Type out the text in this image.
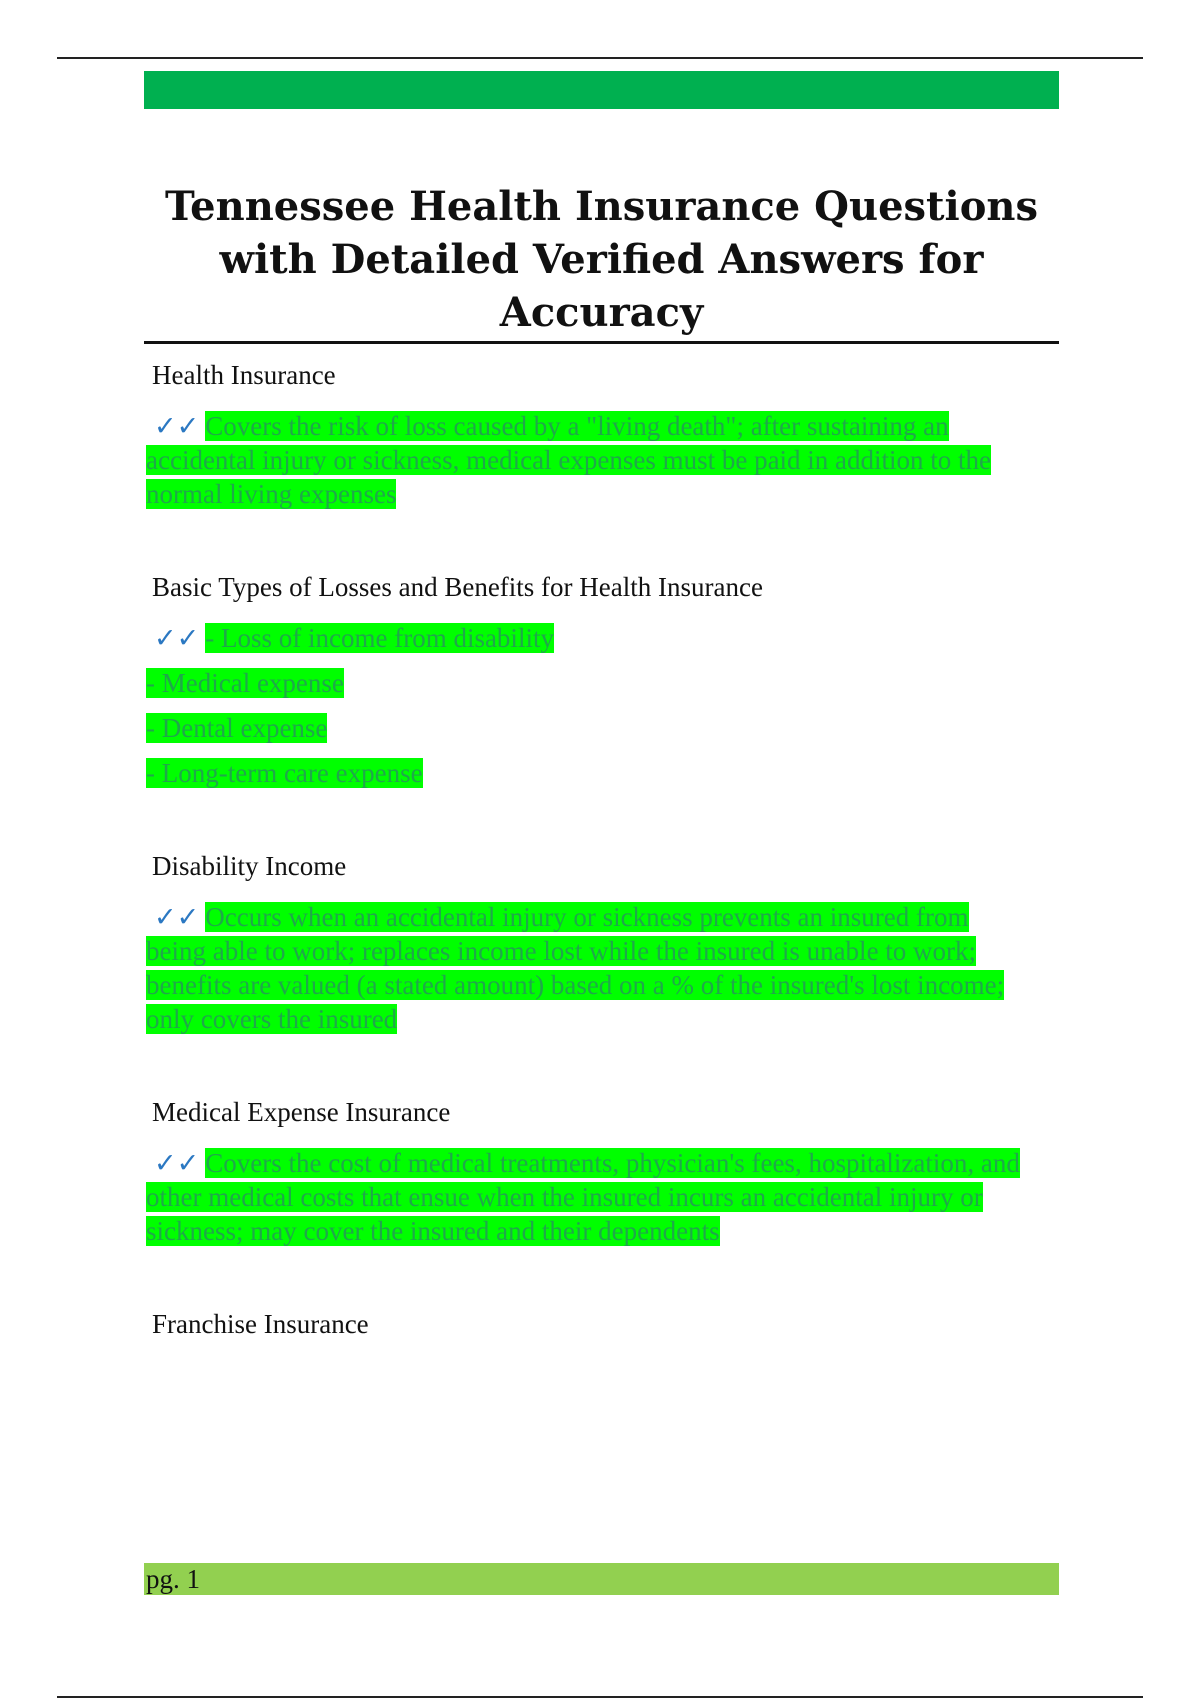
Tennessee Health Insurance Questions with Detailed Verified Answers for Accuracy

Health Insurance

✓✓ Covers the risk of loss caused by a "living death"; after sustaining an accidental injury or sickness, medical expenses must be paid in addition to the normal living expenses

Basic Types of Losses and Benefits for Health Insurance

✓✓ - Loss of income from disability
- Medical expense
- Dental expense
- Long-term care expense

Disability Income

✓✓ Occurs when an accidental injury or sickness prevents an insured from being able to work; replaces income lost while the insured is unable to work; benefits are valued (a stated amount) based on a % of the insured's lost income; only covers the insured

Medical Expense Insurance

✓✓ Covers the cost of medical treatments, physician's fees, hospitalization, and other medical costs that ensue when the insured incurs an accidental injury or sickness; may cover the insured and their dependents

Franchise Insurance

pg. 1
